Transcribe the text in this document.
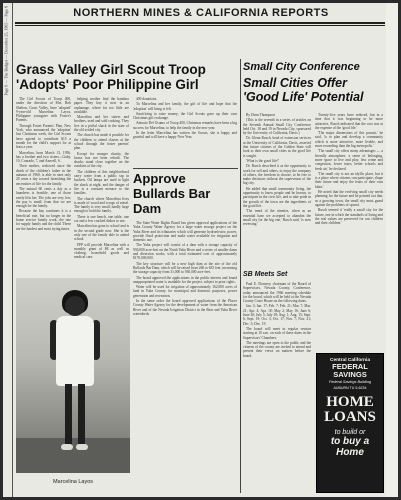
Page 6 — The Budget — December 25, 1965 — Page 6	NORTHERN MINES & CALIFORNIA REPORTS
Grass Valley Girl Scout Troop 'Adopts' Poor Philippine Girl

The Girl Scouts of Troop 400, under the direction of Mrs. Bob Shelton, Grass Valley, have 'adopted' 9-year-old Marcelina Layos, Philippine youngster with Foster's Parents.

Through Foster Parents' Plan, New York, who announced the 'adoption' last Christmas week, the Girl Scouts have agreed to contribute $15 a month for the child's support for at least a year.

Marcelina, born March 13, 1956, has a brother and two sisters—Gaby, 10, Conrado, 7, and Anecell, 6.

Their mother, widowed since the death of the children's father in the autumn of 1960, is able to earn only 20 cents a day toward furnishing the necessities of life for the family.

The natural 60 cents a day as a laundress is feasible, one of those rarely lifts her. The jobs are very few, the pay is small, from that we are enough for the family.

Because the bay continues it is a beneficial rate, but no longer in the home service family work, the rate for supply family and the child. These are the hardest and most trying times.

helping mother find the bamboo paper. They buy it now in an orphanage, where far too little are available.

Marcelina and her sisters and brothers, used and sold cooking. They live in a pitiful shack in the state of the old settled city.

The church has made it possible for the children to attend classes at the school through the foster parents' plan.

Except for meager charity, the house has not been rebuilt. The shacks stand close together on the outskirts of the city.

The children of this neighborhood carry water from a public tap in buckets. Oil lamps are used to light the shack at night, and the danger of fire is a constant menace to the families.

The church where Marcelina lives is made of wood and scraps of metal. The family is very small, hardly large enough to hold the family.

There is one bench, one table, one cot and a few cracked dishes to use.

Marcelina has gone to school and is in the second grade now. She is the only one of the family able to attend school.

FPP will provide Marcelina with a monthly grant of $8 as well as clothing, household goods and medical care.

400 donations.

To Marcelina and her family, the gift of life and hope that the 'adoption' will bring is felt.

Sacrificing to raise money, the Girl Scouts gave up their own Christmas gift exchange.

Antonio Del Ocamo of Troop 400, Christmas remarks have been a big success for Marcelina, to help the family in the new year.

In the letter Marcelina has written the Scouts, she is happy and grateful and will have a happy New Year.

Marcelina Layos
Approve Bullards Bar Dam

The State Water Rights Board has given approval applications of the Yuba County Water Agency for a large water storage project on the Yuba River and its tributaries which will generate hydroelectric power, provide flood protection and make water available for irrigation and domestic use.

The Yuba project will consist of a dam with a storage capacity of 930,000 acre-feet on the North Yuba River and a series of smaller dams and diversion works, with a total estimated cost of approximately $170,000,000.

The key structure will be a new high dam at the site of the old Bullards Bar Dam, which will be raised from 260 to 635 feet, increasing the storage capacity from 31,000 to 930,000 acre-feet.

The board approved the applications in the public interest and found unappropriated water is available for the project, subject to prior rights.

Water will be used for irrigation of approximately 162,000 acres of land in Yuba County, for municipal and domestic purposes, power generation and recreation.

In the same order the board approved applications of the Placer County Water Agency for the development of water from the American River and of the Nevada Irrigation District in the Bear and Yuba River watersheds.

Small City Conference
Small Cities Offer 'Good Life' Potential

By Dean Thompson

(This is the seventh in a series of articles on the Seventh Annual Small City Conference held Oct. 18 and 19 in Nevada City, sponsored by the University of California, Davis.)

Dr. Glenn Rusch, head of extension services at the University of California, Davis, asserted that future citizens of the Golden State will look to their own small cities as the good life is sought.

'What is the good life?'

Dr. Rusch described it as the opportunity to work for self and others, to enjoy the company of others, the freedom to choose, to be free to make decisions without the supervision of the big city.

He added that small community living, the opportunity to know people and be known, to participate in the civic life, and to take pride in the growth of the town are the ingredients of the good life.

'The trend of the nineties, when as an essential base we accepted to abandon the small city for the big one,' Rusch said, 'is now reversing.'

Twenty-five years have reduced, but in a time that it was beginning to be more attractive, Rusch indicated that the cost was at the expense of the 'good life.'

'The major dimensions of this pursuit,' he said, 'is to plan and develop a community which is more attractive, more livable, and more rewarding than the big metropolis.'

'The small city offers many advantages — a friendly atmosphere, a sense of belonging, more space to live and play, less crime and congestion, lower taxes, better schools and fresh air,' he declared.

'The small city is not an idyllic place, but it is a place where citizens can participate, shape their future and enjoy the fruits of their own labor.'

He noted that the evolving small city needs planning for the future and he pointed out that, as a growing town, the small city must guard against the problems of sprawl.

Rusch termed it 'really a small city for the future, one in which the standards of living and the real values are preserved for our children and their children.'

SB Meets Set

Paul E. Downey, chairman of the Board of Supervisors, Nevada County, Conference, today announced the 1966 meeting schedule for the board, which will be held at the Nevada County Court House on the following dates:

Jan. 3; Jan. 17; Feb. 7; Feb. 21; Mar. 7; Mar. 21; Apr. 4; Apr. 18; May 2; May 16; June 6; June 20; July 5; July 18; Aug. 1; Aug. 15; Sept. 6; Sept. 19; Oct. 3; Oct. 17; Nov. 7; Nov. 21; Dec. 5; Dec. 19.

The board will meet in regular session starting at 10 a.m. on each of these dates in the Supervisors' Chambers.

The meetings are open to the public and the citizens of the county are invited to attend and present their views on matters before the board.

Central California
FEDERAL SAVINGS
Federal Savings Building
AUBURN TU 5-6234
HOME LOANS
to build or
to buy a Home
